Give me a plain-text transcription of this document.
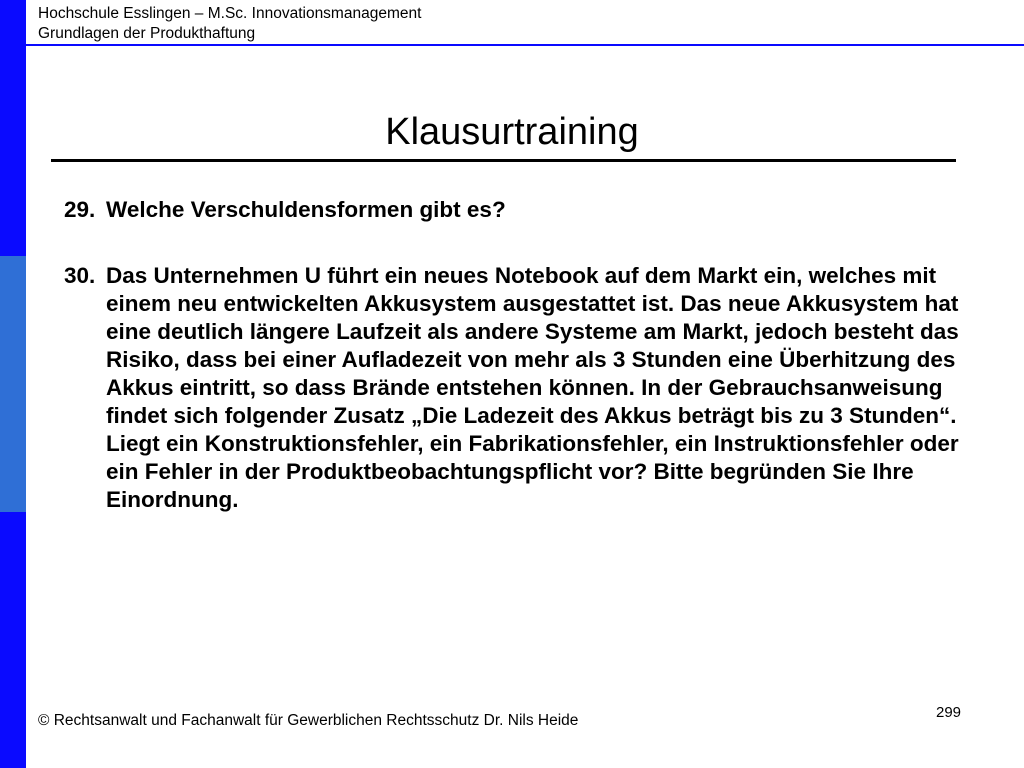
Hochschule Esslingen – M.Sc. Innovationsmanagement
Grundlagen der Produkthaftung
Klausurtraining
29. Welche Verschuldensformen gibt es?
30. Das Unternehmen U führt ein neues Notebook auf dem Markt ein, welches mit einem neu entwickelten Akkusystem ausgestattet ist. Das neue Akkusystem hat eine deutlich längere Laufzeit als andere Systeme am Markt, jedoch besteht das Risiko, dass bei einer Aufladezeit von mehr als 3 Stunden eine Überhitzung des Akkus eintritt, so dass Brände entstehen können. In der Gebrauchsanweisung findet sich folgender Zusatz „Die Ladezeit des Akkus beträgt bis zu 3 Stunden“. Liegt ein Konstruktionsfehler, ein Fabrikationsfehler, ein Instruktionsfehler oder ein Fehler in der Produktbeobachtungspflicht vor? Bitte begründen Sie Ihre Einordnung.
© Rechtsanwalt und Fachanwalt für Gewerblichen Rechtsschutz Dr. Nils Heide	299
